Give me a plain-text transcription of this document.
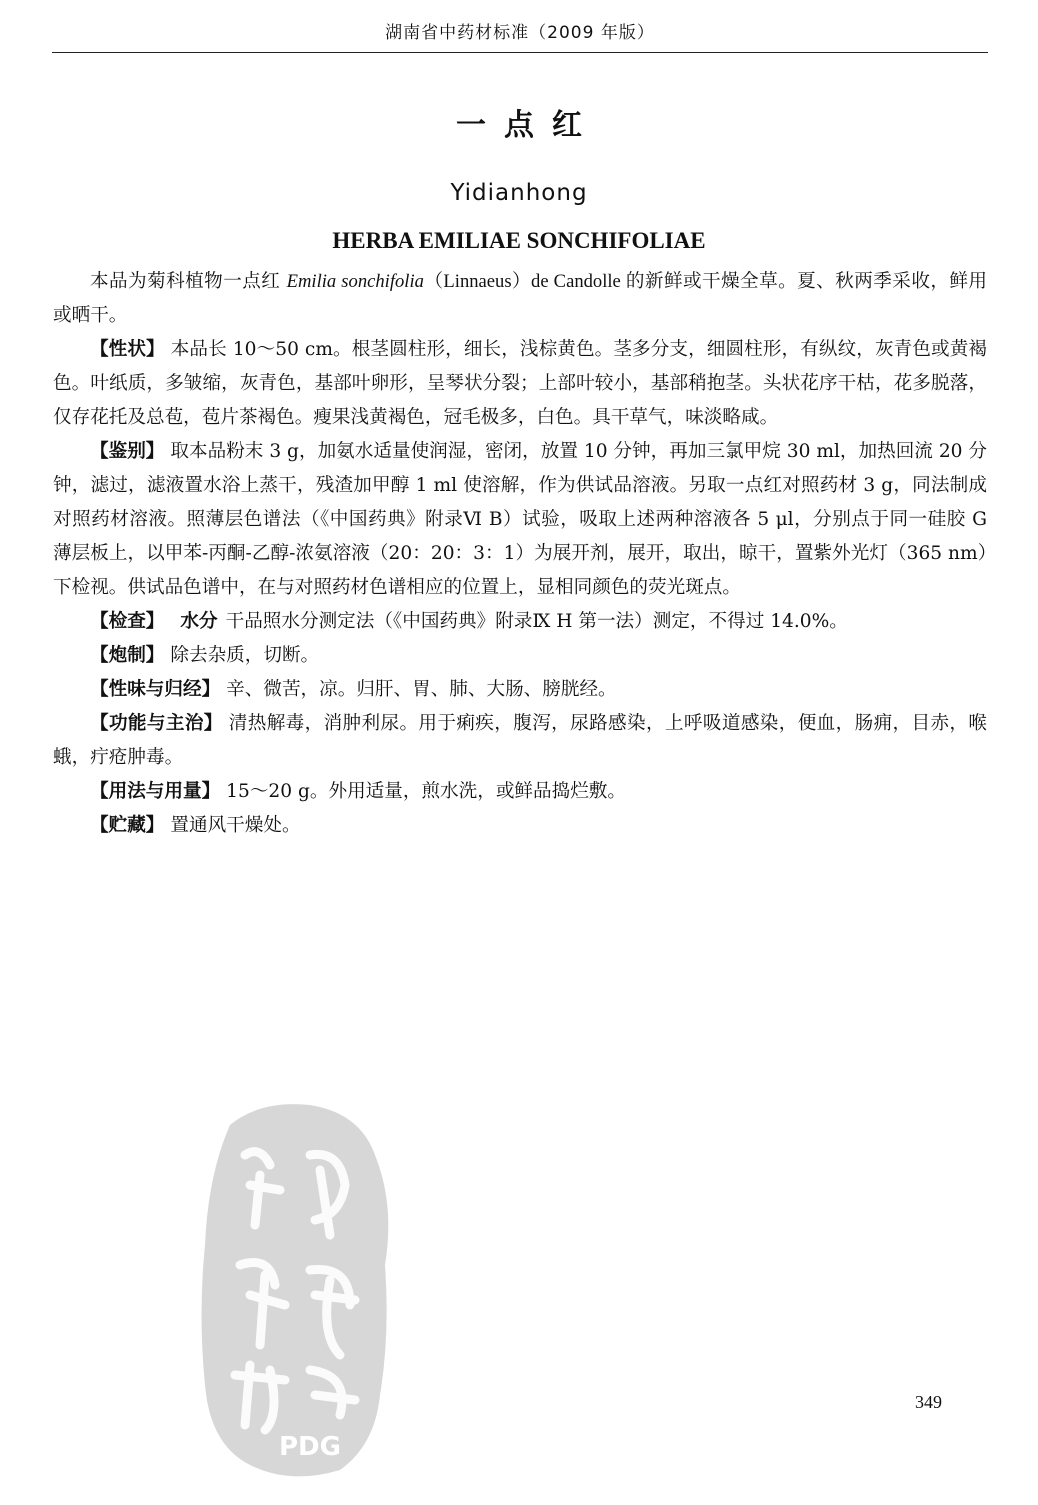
湖南省中药材标准（2009 年版）
一点红
Yidianhong
HERBA EMILIAE SONCHIFOLIAE

本品为菊科植物一点红 Emilia sonchifolia（Linnaeus）de Candolle 的新鲜或干燥全草。夏、秋两季采收，鲜用或晒干。

【性状】 本品长 10～50 cm。根茎圆柱形，细长，浅棕黄色。茎多分支，细圆柱形，有纵纹，灰青色或黄褐色。叶纸质，多皱缩，灰青色，基部叶卵形，呈琴状分裂；上部叶较小，基部稍抱茎。头状花序干枯，花多脱落，仅存花托及总苞，苞片茶褐色。瘦果浅黄褐色，冠毛极多，白色。具干草气，味淡略咸。

【鉴别】 取本品粉末 3 g，加氨水适量使润湿，密闭，放置 10 分钟，再加三氯甲烷 30 ml，加热回流 20 分钟，滤过，滤液置水浴上蒸干，残渣加甲醇 1 ml 使溶解，作为供试品溶液。另取一点红对照药材 3 g，同法制成对照药材溶液。照薄层色谱法（《中国药典》附录Ⅵ B）试验，吸取上述两种溶液各 5 μl，分别点于同一硅胶 G 薄层板上，以甲苯-丙酮-乙醇-浓氨溶液（20：20：3：1）为展开剂，展开，取出，晾干，置紫外光灯（365 nm）下检视。供试品色谱中，在与对照药材色谱相应的位置上，显相同颜色的荧光斑点。

【检查】 水分 干品照水分测定法（《中国药典》附录Ⅸ H 第一法）测定，不得过 14.0%。

【炮制】 除去杂质，切断。

【性味与归经】 辛、微苦，凉。归肝、胃、肺、大肠、膀胱经。

【功能与主治】 清热解毒，消肿利尿。用于痢疾，腹泻，尿路感染，上呼吸道感染，便血，肠痈，目赤，喉蛾，疔疮肿毒。

【用法与用量】 15～20 g。外用适量，煎水洗，或鲜品捣烂敷。

【贮藏】 置通风干燥处。

PDG
349
